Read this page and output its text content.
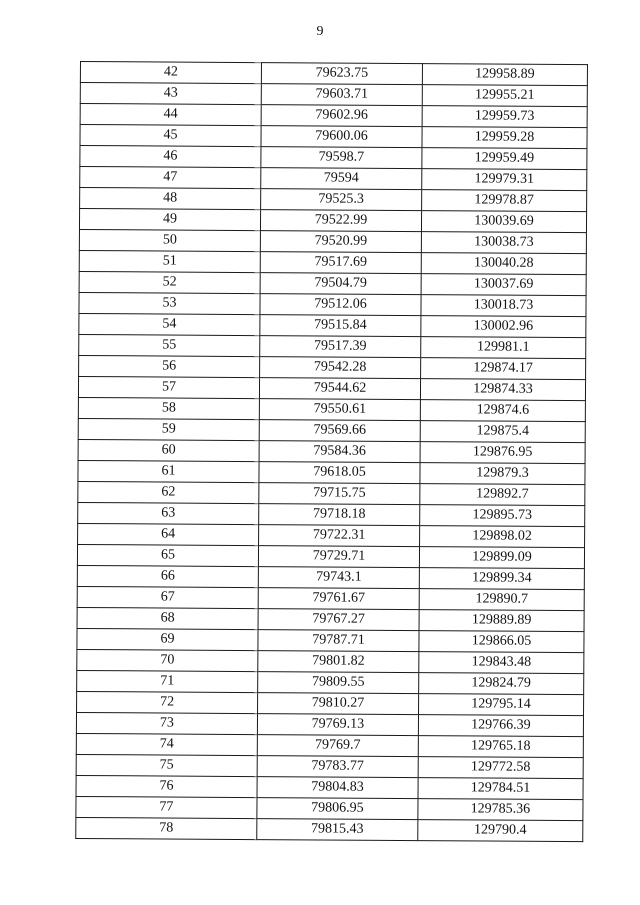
9
42	79623.75	129958.89
43	79603.71	129955.21
44	79602.96	129959.73
45	79600.06	129959.28
46	79598.7	129959.49
47	79594	129979.31
48	79525.3	129978.87
49	79522.99	130039.69
50	79520.99	130038.73
51	79517.69	130040.28
52	79504.79	130037.69
53	79512.06	130018.73
54	79515.84	130002.96
55	79517.39	129981.1
56	79542.28	129874.17
57	79544.62	129874.33
58	79550.61	129874.6
59	79569.66	129875.4
60	79584.36	129876.95
61	79618.05	129879.3
62	79715.75	129892.7
63	79718.18	129895.73
64	79722.31	129898.02
65	79729.71	129899.09
66	79743.1	129899.34
67	79761.67	129890.7
68	79767.27	129889.89
69	79787.71	129866.05
70	79801.82	129843.48
71	79809.55	129824.79
72	79810.27	129795.14
73	79769.13	129766.39
74	79769.7	129765.18
75	79783.77	129772.58
76	79804.83	129784.51
77	79806.95	129785.36
78	79815.43	129790.4
